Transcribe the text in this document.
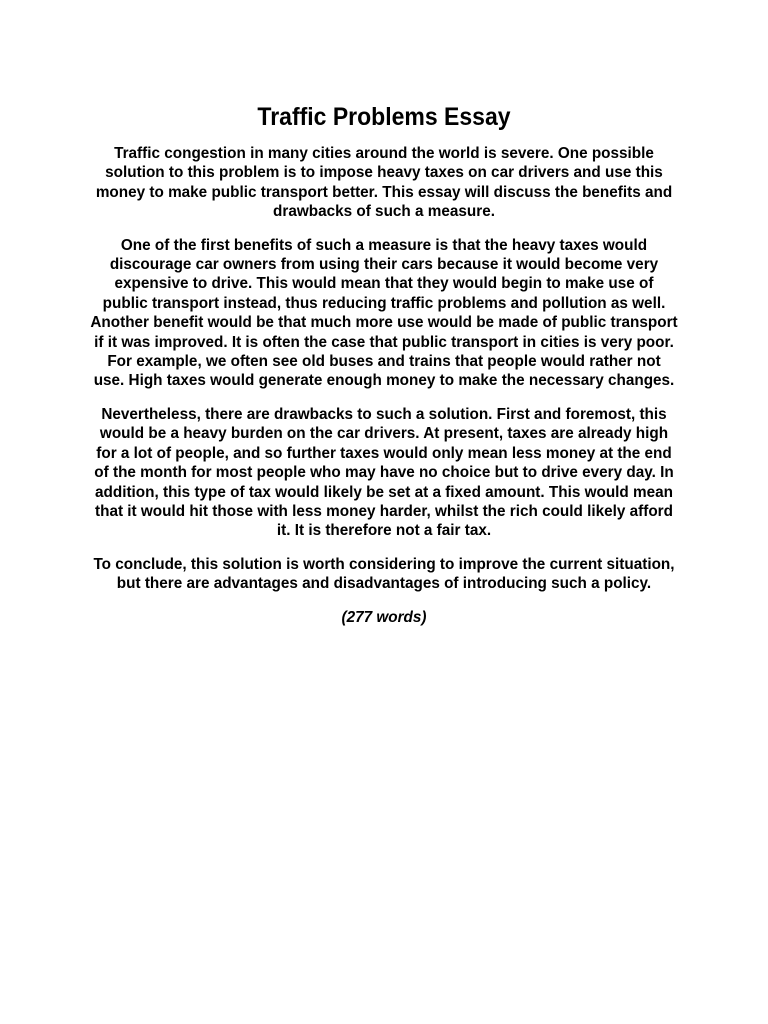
Traffic Problems Essay

Traffic congestion in many cities around the world is severe. One possible solution to this problem is to impose heavy taxes on car drivers and use this money to make public transport better. This essay will discuss the benefits and drawbacks of such a measure.

One of the first benefits of such a measure is that the heavy taxes would discourage car owners from using their cars because it would become very expensive to drive. This would mean that they would begin to make use of public transport instead, thus reducing traffic problems and pollution as well. Another benefit would be that much more use would be made of public transport if it was improved. It is often the case that public transport in cities is very poor. For example, we often see old buses and trains that people would rather not use. High taxes would generate enough money to make the necessary changes.

Nevertheless, there are drawbacks to such a solution. First and foremost, this would be a heavy burden on the car drivers. At present, taxes are already high for a lot of people, and so further taxes would only mean less money at the end of the month for most people who may have no choice but to drive every day. In addition, this type of tax would likely be set at a fixed amount. This would mean that it would hit those with less money harder, whilst the rich could likely afford it. It is therefore not a fair tax.

To conclude, this solution is worth considering to improve the current situation, but there are advantages and disadvantages of introducing such a policy.

(277 words)
